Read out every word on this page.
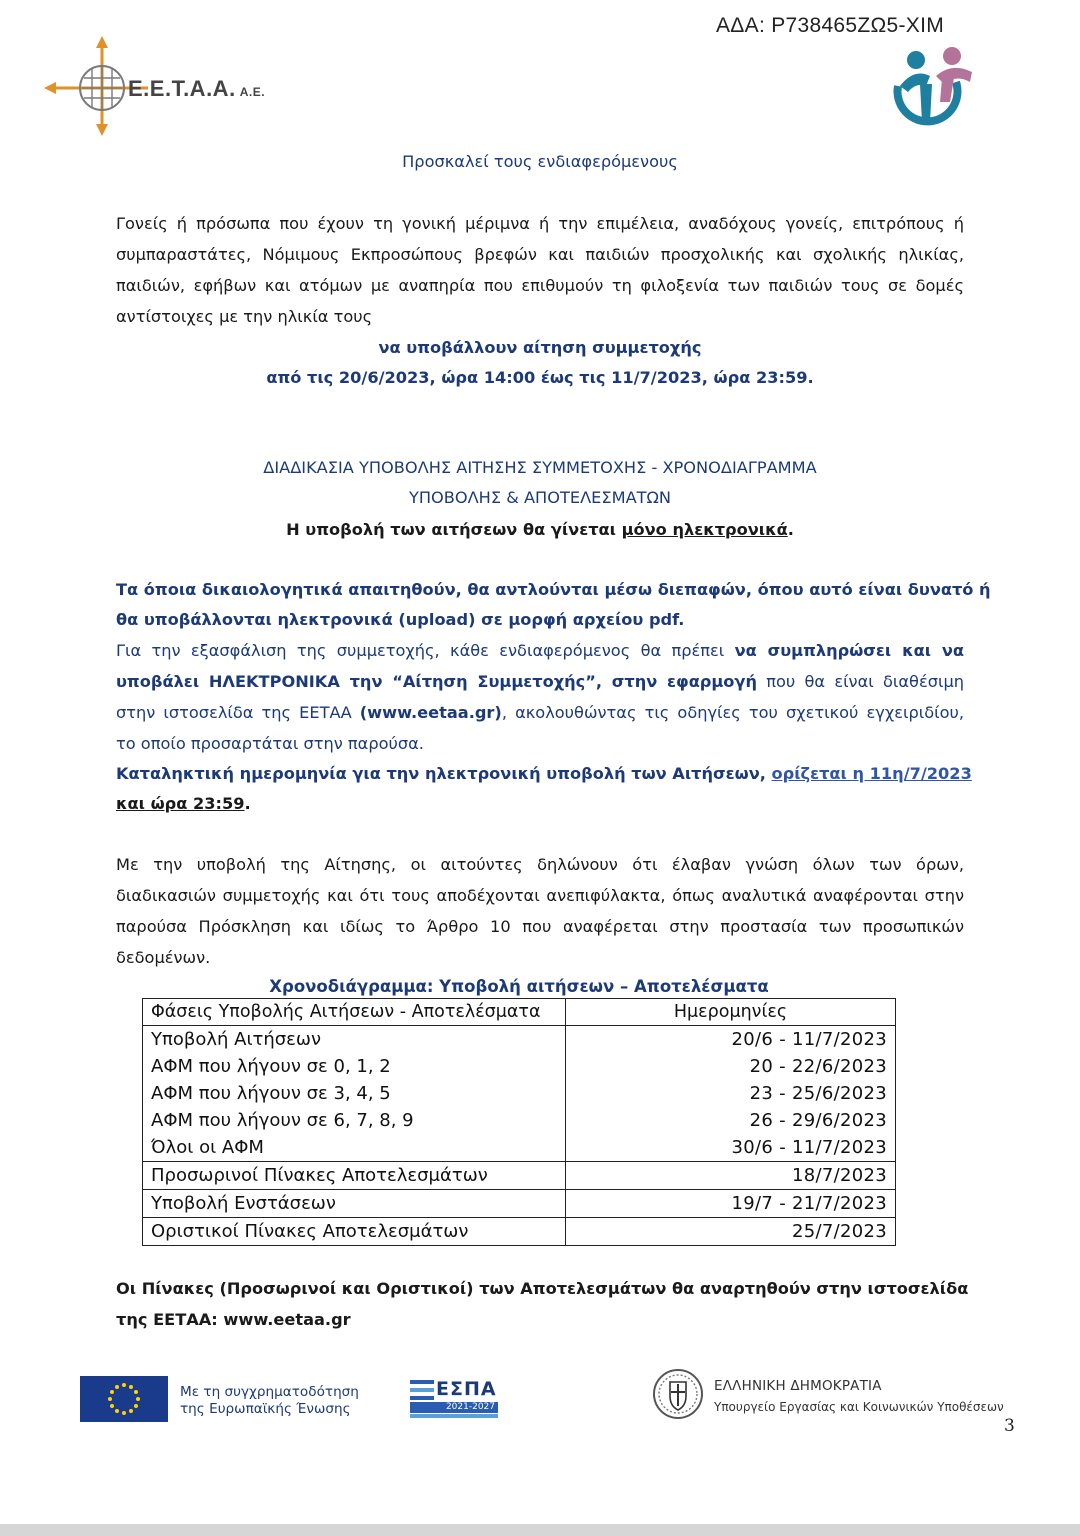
ΑΔΑ: Ρ738465ΖΩ5-ΧΙΜ
E.E.T.A.A. A.E.
Προσκαλεί τους ενδιαφερόμενους
Γονείς ή πρόσωπα που έχουν τη γονική μέριμνα ή την επιμέλεια, αναδόχους γονείς, επιτρόπους ή
συμπαραστάτες, Νόμιμους Εκπροσώπους βρεφών και παιδιών προσχολικής και σχολικής ηλικίας,
παιδιών, εφήβων και ατόμων με αναπηρία που επιθυμούν τη φιλοξενία των παιδιών τους σε δομές
αντίστοιχες με την ηλικία τους
να υποβάλλουν αίτηση συμμετοχής
από τις 20/6/2023, ώρα 14:00 έως τις 11/7/2023, ώρα 23:59.
ΔΙΑΔΙΚΑΣΙΑ ΥΠΟΒΟΛΗΣ ΑΙΤΗΣΗΣ ΣΥΜΜΕΤΟΧΗΣ - ΧΡΟΝΟΔΙΑΓΡΑΜΜΑ
ΥΠΟΒΟΛΗΣ & ΑΠΟΤΕΛΕΣΜΑΤΩΝ
Η υποβολή των αιτήσεων θα γίνεται μόνο ηλεκτρονικά.
Τα όποια δικαιολογητικά απαιτηθούν, θα αντλούνται μέσω διεπαφών, όπου αυτό είναι δυνατό ή
θα υποβάλλονται ηλεκτρονικά (upload) σε μορφή αρχείου pdf.
Για την εξασφάλιση της συμμετοχής, κάθε ενδιαφερόμενος θα πρέπει να συμπληρώσει και να
υποβάλει ΗΛΕΚΤΡΟΝΙΚΑ την “Αίτηση Συμμετοχής”, στην εφαρμογή που θα είναι διαθέσιμη
στην ιστοσελίδα της ΕΕΤΑΑ (www.eetaa.gr), ακολουθώντας τις οδηγίες του σχετικού εγχειριδίου,
το οποίο προσαρτάται στην παρούσα.
Καταληκτική ημερομηνία για την ηλεκτρονική υποβολή των Αιτήσεων, ορίζεται η 11η/7/2023
και ώρα 23:59.
Με την υποβολή της Αίτησης, οι αιτούντες δηλώνουν ότι έλαβαν γνώση όλων των όρων,
διαδικασιών συμμετοχής και ότι τους αποδέχονται ανεπιφύλακτα, όπως αναλυτικά αναφέρονται στην
παρούσα Πρόσκληση και ιδίως το Άρθρο 10 που αναφέρεται στην προστασία των προσωπικών
δεδομένων.
Χρονοδιάγραμμα: Υποβολή αιτήσεων – Αποτελέσματα
Φάσεις Υποβολής Αιτήσεων - Αποτελέσματα	Ημερομηνίες
Υποβολή Αιτήσεων	20/6 - 11/7/2023
ΑΦΜ που λήγουν σε 0, 1, 2	20 - 22/6/2023
ΑΦΜ που λήγουν σε 3, 4, 5	23 - 25/6/2023
ΑΦΜ που λήγουν σε 6, 7, 8, 9	26 - 29/6/2023
Όλοι οι ΑΦΜ	30/6 - 11/7/2023
Προσωρινοί Πίνακες Αποτελεσμάτων	18/7/2023
Υποβολή Ενστάσεων	19/7 - 21/7/2023
Οριστικοί Πίνακες Αποτελεσμάτων	25/7/2023
Οι Πίνακες (Προσωρινοί και Οριστικοί) των Αποτελεσμάτων θα αναρτηθούν στην ιστοσελίδα
της ΕΕΤΑΑ: www.eetaa.gr
Με τη συγχρηματοδότηση
της Ευρωπαϊκής Ένωσης
ΕΣΠΑ
2021-2027
ΕΛΛΗΝΙΚΗ ΔΗΜΟΚΡΑΤΙΑ
Υπουργείο Εργασίας και Κοινωνικών Υποθέσεων
3
